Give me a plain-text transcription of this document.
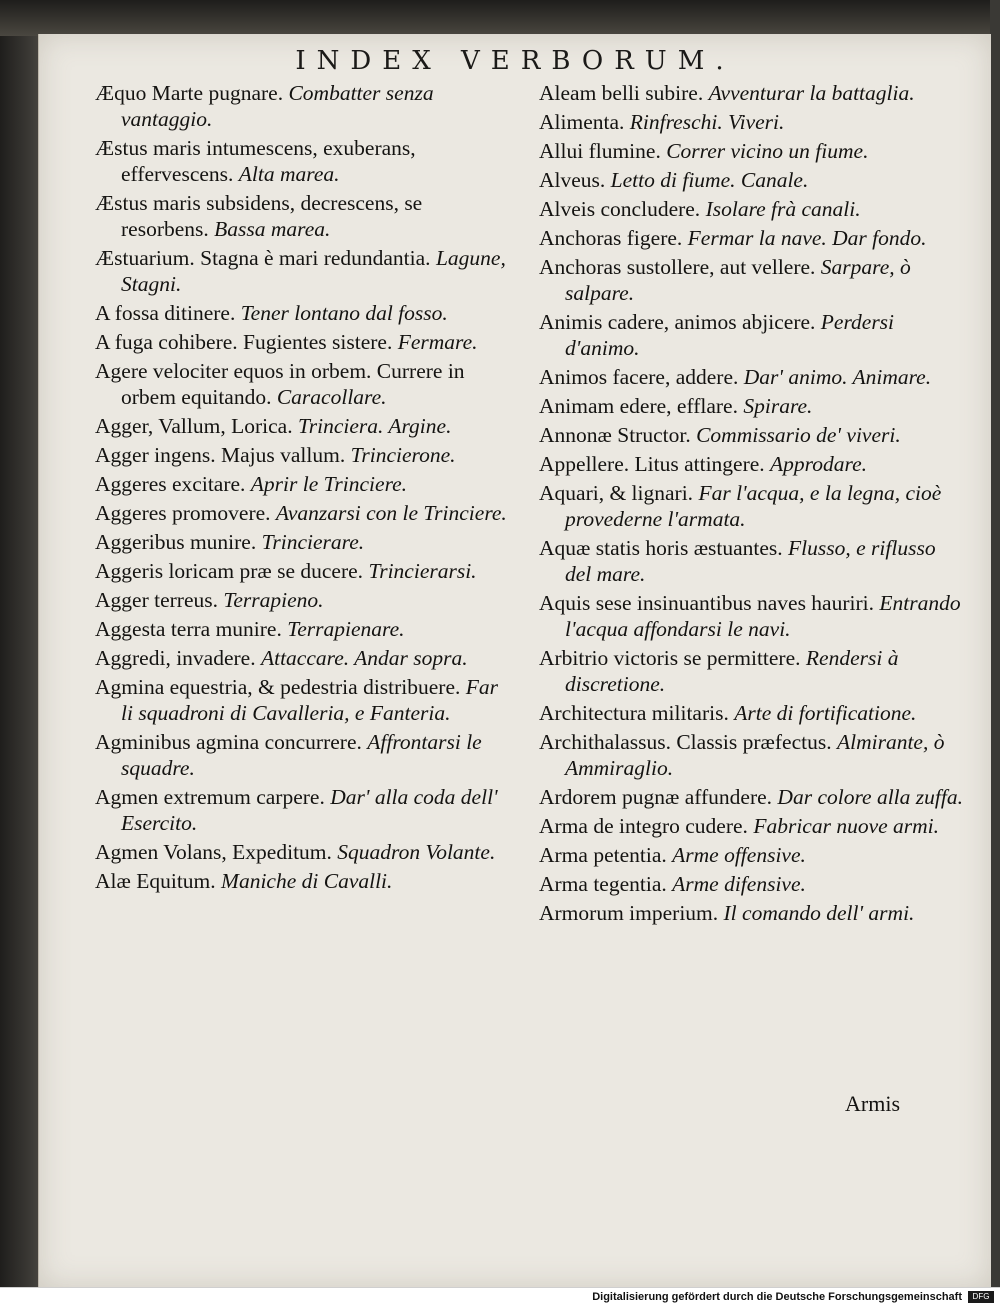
INDEX VERBORUM.
Æquo Marte pugnare. Combatter senza vantaggio.
Æstus maris intumescens, exuberans, effervescens. Alta marea.
Æstus maris subsidens, decrescens, se resorbens. Bassa marea.
Æstuarium. Stagna è mari redundantia. Lagune, Stagni.
A fossa ditinere. Tener lontano dal fosso.
A fuga cohibere. Fugientes sistere. Fermare.
Agere velociter equos in orbem. Currere in orbem equitando. Caracollare.
Agger, Vallum, Lorica. Trinciera. Argine.
Agger ingens. Majus vallum. Trincierone.
Aggeres excitare. Aprir le Trinciere.
Aggeres promovere. Avanzarsi con le Trinciere.
Aggeribus munire. Trincierare.
Aggeris loricam præ se ducere. Trincierarsi.
Agger terreus. Terrapieno.
Aggesta terra munire. Terrapienare.
Aggredi, invadere. Attaccare. Andar sopra.
Agmina equestria, & pedestria distribuere. Far li squadroni di Cavalleria, e Fanteria.
Agminibus agmina concurrere. Affrontarsi le squadre.
Agmen extremum carpere. Dar' alla coda dell' Esercito.
Agmen Volans, Expeditum. Squadron Volante.
Alæ Equitum. Maniche di Cavalli.
Aleam belli subire. Avventurar la battaglia.
Alimenta. Rinfreschi. Viveri.
Allui flumine. Correr vicino un fiume.
Alveus. Letto di fiume. Canale.
Alveis concludere. Isolare frà canali.
Anchoras figere. Fermar la nave. Dar fondo.
Anchoras sustollere, aut vellere. Sarpare, ò salpare.
Animis cadere, animos abjicere. Perdersi d'animo.
Animos facere, addere. Dar' animo. Animare.
Animam edere, efflare. Spirare.
Annonæ Structor. Commissario de' viveri.
Appellere. Litus attingere. Approdare.
Aquari, & lignari. Far l'acqua, e la legna, cioè provederne l'armata.
Aquæ statis horis æstuantes. Flusso, e riflusso del mare.
Aquis sese insinuantibus naves hauriri. Entrando l'acqua affondarsi le navi.
Arbitrio victoris se permittere. Rendersi à discretione.
Architectura militaris. Arte di fortificatione.
Archithalassus. Classis præfectus. Almirante, ò Ammiraglio.
Ardorem pugnæ affundere. Dar colore alla zuffa.
Arma de integro cudere. Fabricar nuove armi.
Arma petentia. Arme offensive.
Arma tegentia. Arme difensive.
Armorum imperium. Il comando dell' armi.
Armis
Digitalisierung gefördert durch die Deutsche Forschungsgemeinschaft	DFG
